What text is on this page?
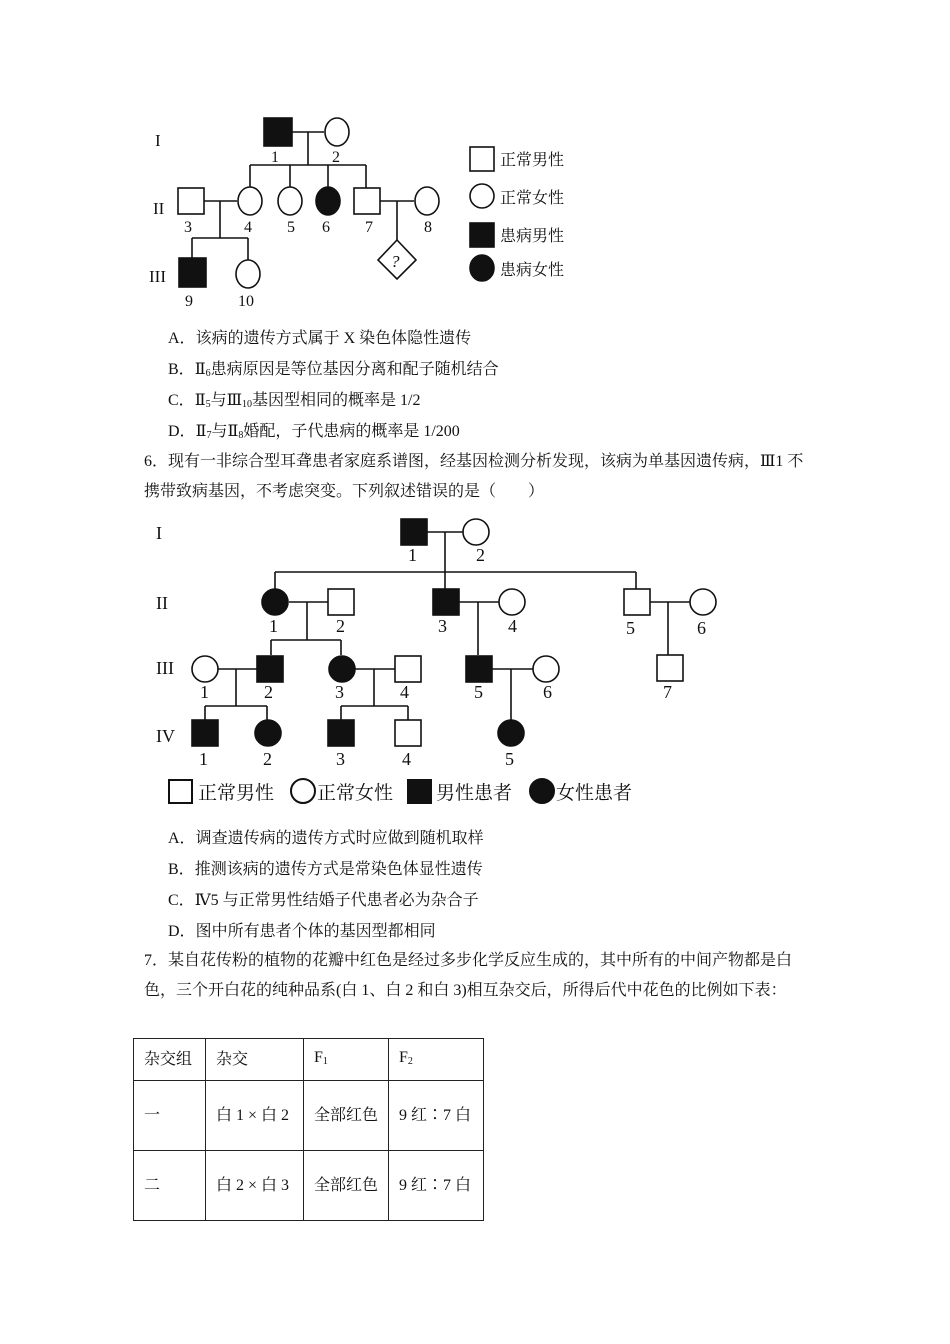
?
I
II
III
1	2
3	4 5 6 7	8
9	10
正常男性
正常女性
患病男性
患病女性
A．该病的遗传方式属于 X 染色体隐性遗传
B．$Ⅱ_6$患病原因是等位基因分离和配子随机结合
C．$Ⅱ_5$与$Ⅲ_{10}$基因型相同的概率是 1/2
D．$Ⅱ_7$与$Ⅱ_8$婚配，子代患病的概率是 1/200
6．现有一非综合型耳聋患者家庭系谱图，经基因检测分析发现，该病为单基因遗传病，Ⅲ1 不携带致病基因，不考虑突变。下列叙述错误的是（　　）
I
II
III
IV
1	2
1	2	3	4	5	6
1	2	3	4	5	6	7
1	2	3	4	5
正常男性 正常女性 男性患者 女性患者
A．调查遗传病的遗传方式时应做到随机取样
B．推测该病的遗传方式是常染色体显性遗传
C．Ⅳ5 与正常男性结婚子代患者必为杂合子
D．图中所有患者个体的基因型都相同
7．某自花传粉的植物的花瓣中红色是经过多步化学反应生成的，其中所有的中间产物都是白色，三个开白花的纯种品系(白 1、白 2 和白 3)相互杂交后，所得后代中花色的比例如下表：
杂交组	杂交	$F_1$	$F_2$
一	白 1 × 白 2	全部红色	9 红∶7 白
二	白 2 × 白 3	全部红色	9 红∶7 白
